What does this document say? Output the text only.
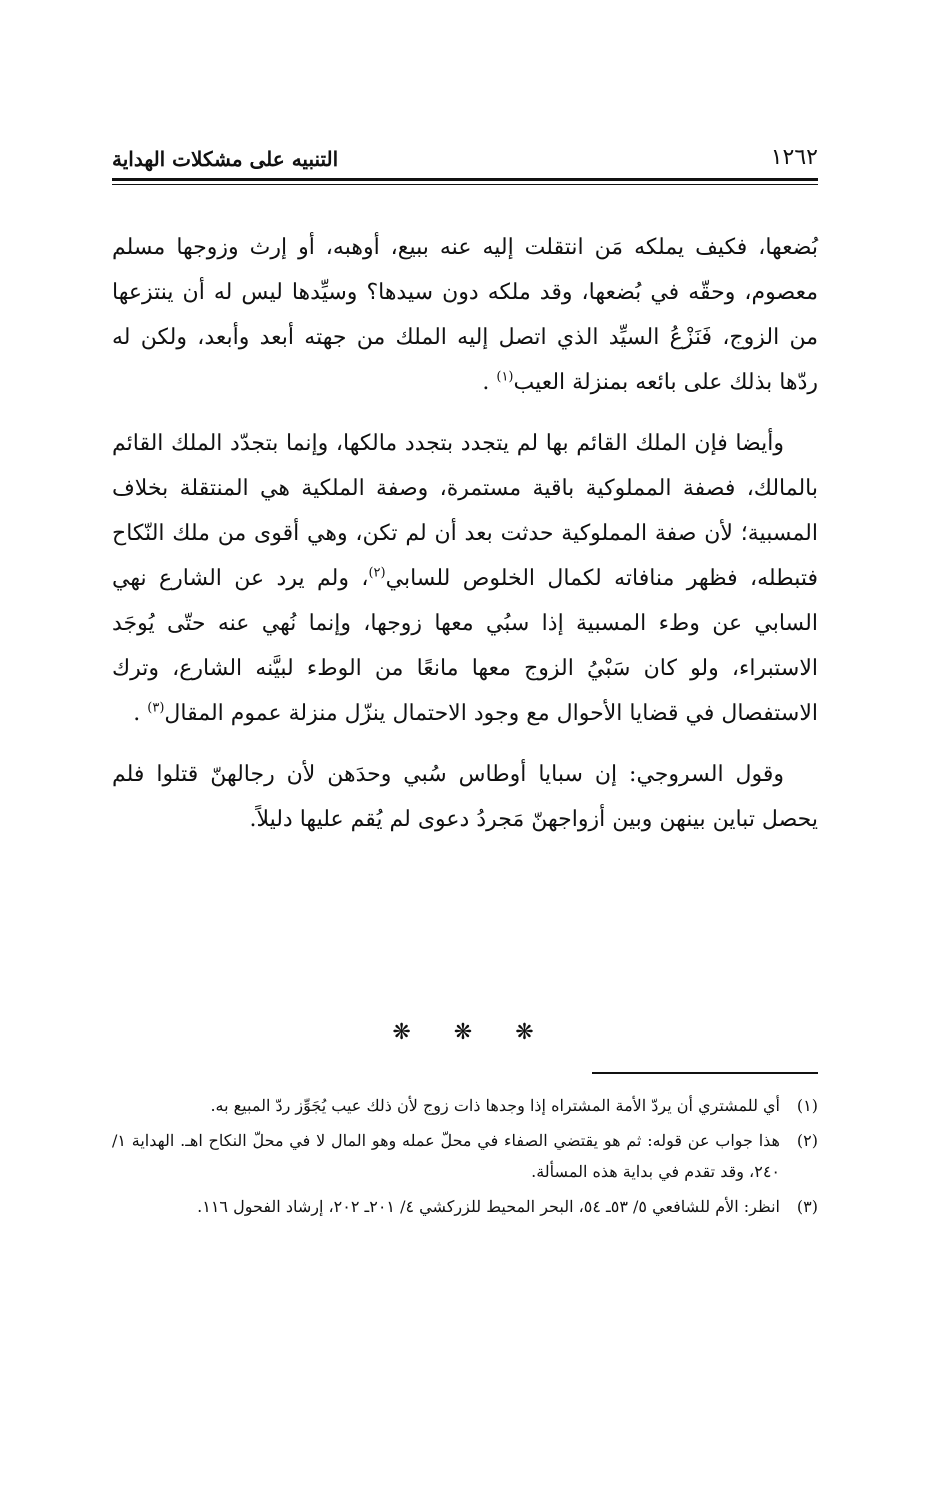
١٢٦٢
التنبيه على مشكلات الهداية

بُضعها، فكيف يملكه مَن انتقلت إليه عنه ببيع، أوهبه، أو إرث وزوجها مسلم معصوم، وحقّه في بُضعها، وقد ملكه دون سيدها؟ وسيِّدها ليس له أن ينتزعها من الزوج، فَنَزْعُ السيِّد الذي اتصل إليه الملك من جهته أبعد وأبعد، ولكن له ردّها بذلك على بائعه بمنزلة العيب$^{(١)}$ .

وأيضا فإن الملك القائم بها لم يتجدد بتجدد مالكها، وإنما بتجدّد الملك القائم بالمالك، فصفة المملوكية باقية مستمرة، وصفة الملكية هي المنتقلة بخلاف المسبية؛ لأن صفة المملوكية حدثت بعد أن لم تكن، وهي أقوى من ملك النّكاح فتبطله، فظهر منافاته لكمال الخلوص للسابي$^{(٢)}$، ولم يرد عن الشارع نهي السابي عن وطء المسبية إذا سبُي معها زوجها، وإنما نُهي عنه حتّى يُوجَد الاستبراء، ولو كان سَبْيُ الزوج معها مانعًا من الوطء لبيَّنه الشارع، وترك الاستفصال في قضايا الأحوال مع وجود الاحتمال ينزّل منزلة عموم المقال$^{(٣)}$ .

وقول السروجي: إن سبايا أوطاس سُبي وحدَهن لأن رجالهنّ قتلوا فلم يحصل تباين بينهن وبين أزواجهنّ مَجردُ دعوى لم يُقم عليها دليلاً.

❋ ❋ ❋
(١)
أي للمشتري أن يردّ الأمة المشتراه إذا وجدها ذات زوج لأن ذلك عيب يُجَوِّز ردّ المبيع به.
(٢)
هذا جواب عن قوله: ثم هو يقتضي الصفاء في محلّ عمله وهو المال لا في محلّ النكاح اهـ. الهداية ١/ ٢٤٠، وقد تقدم في بداية هذه المسألة.
(٣)
انظر: الأم للشافعي ٥/ ٥٣ـ ٥٤، البحر المحيط للزركشي ٤/ ٢٠١ـ ٢٠٢، إرشاد الفحول ١١٦.
